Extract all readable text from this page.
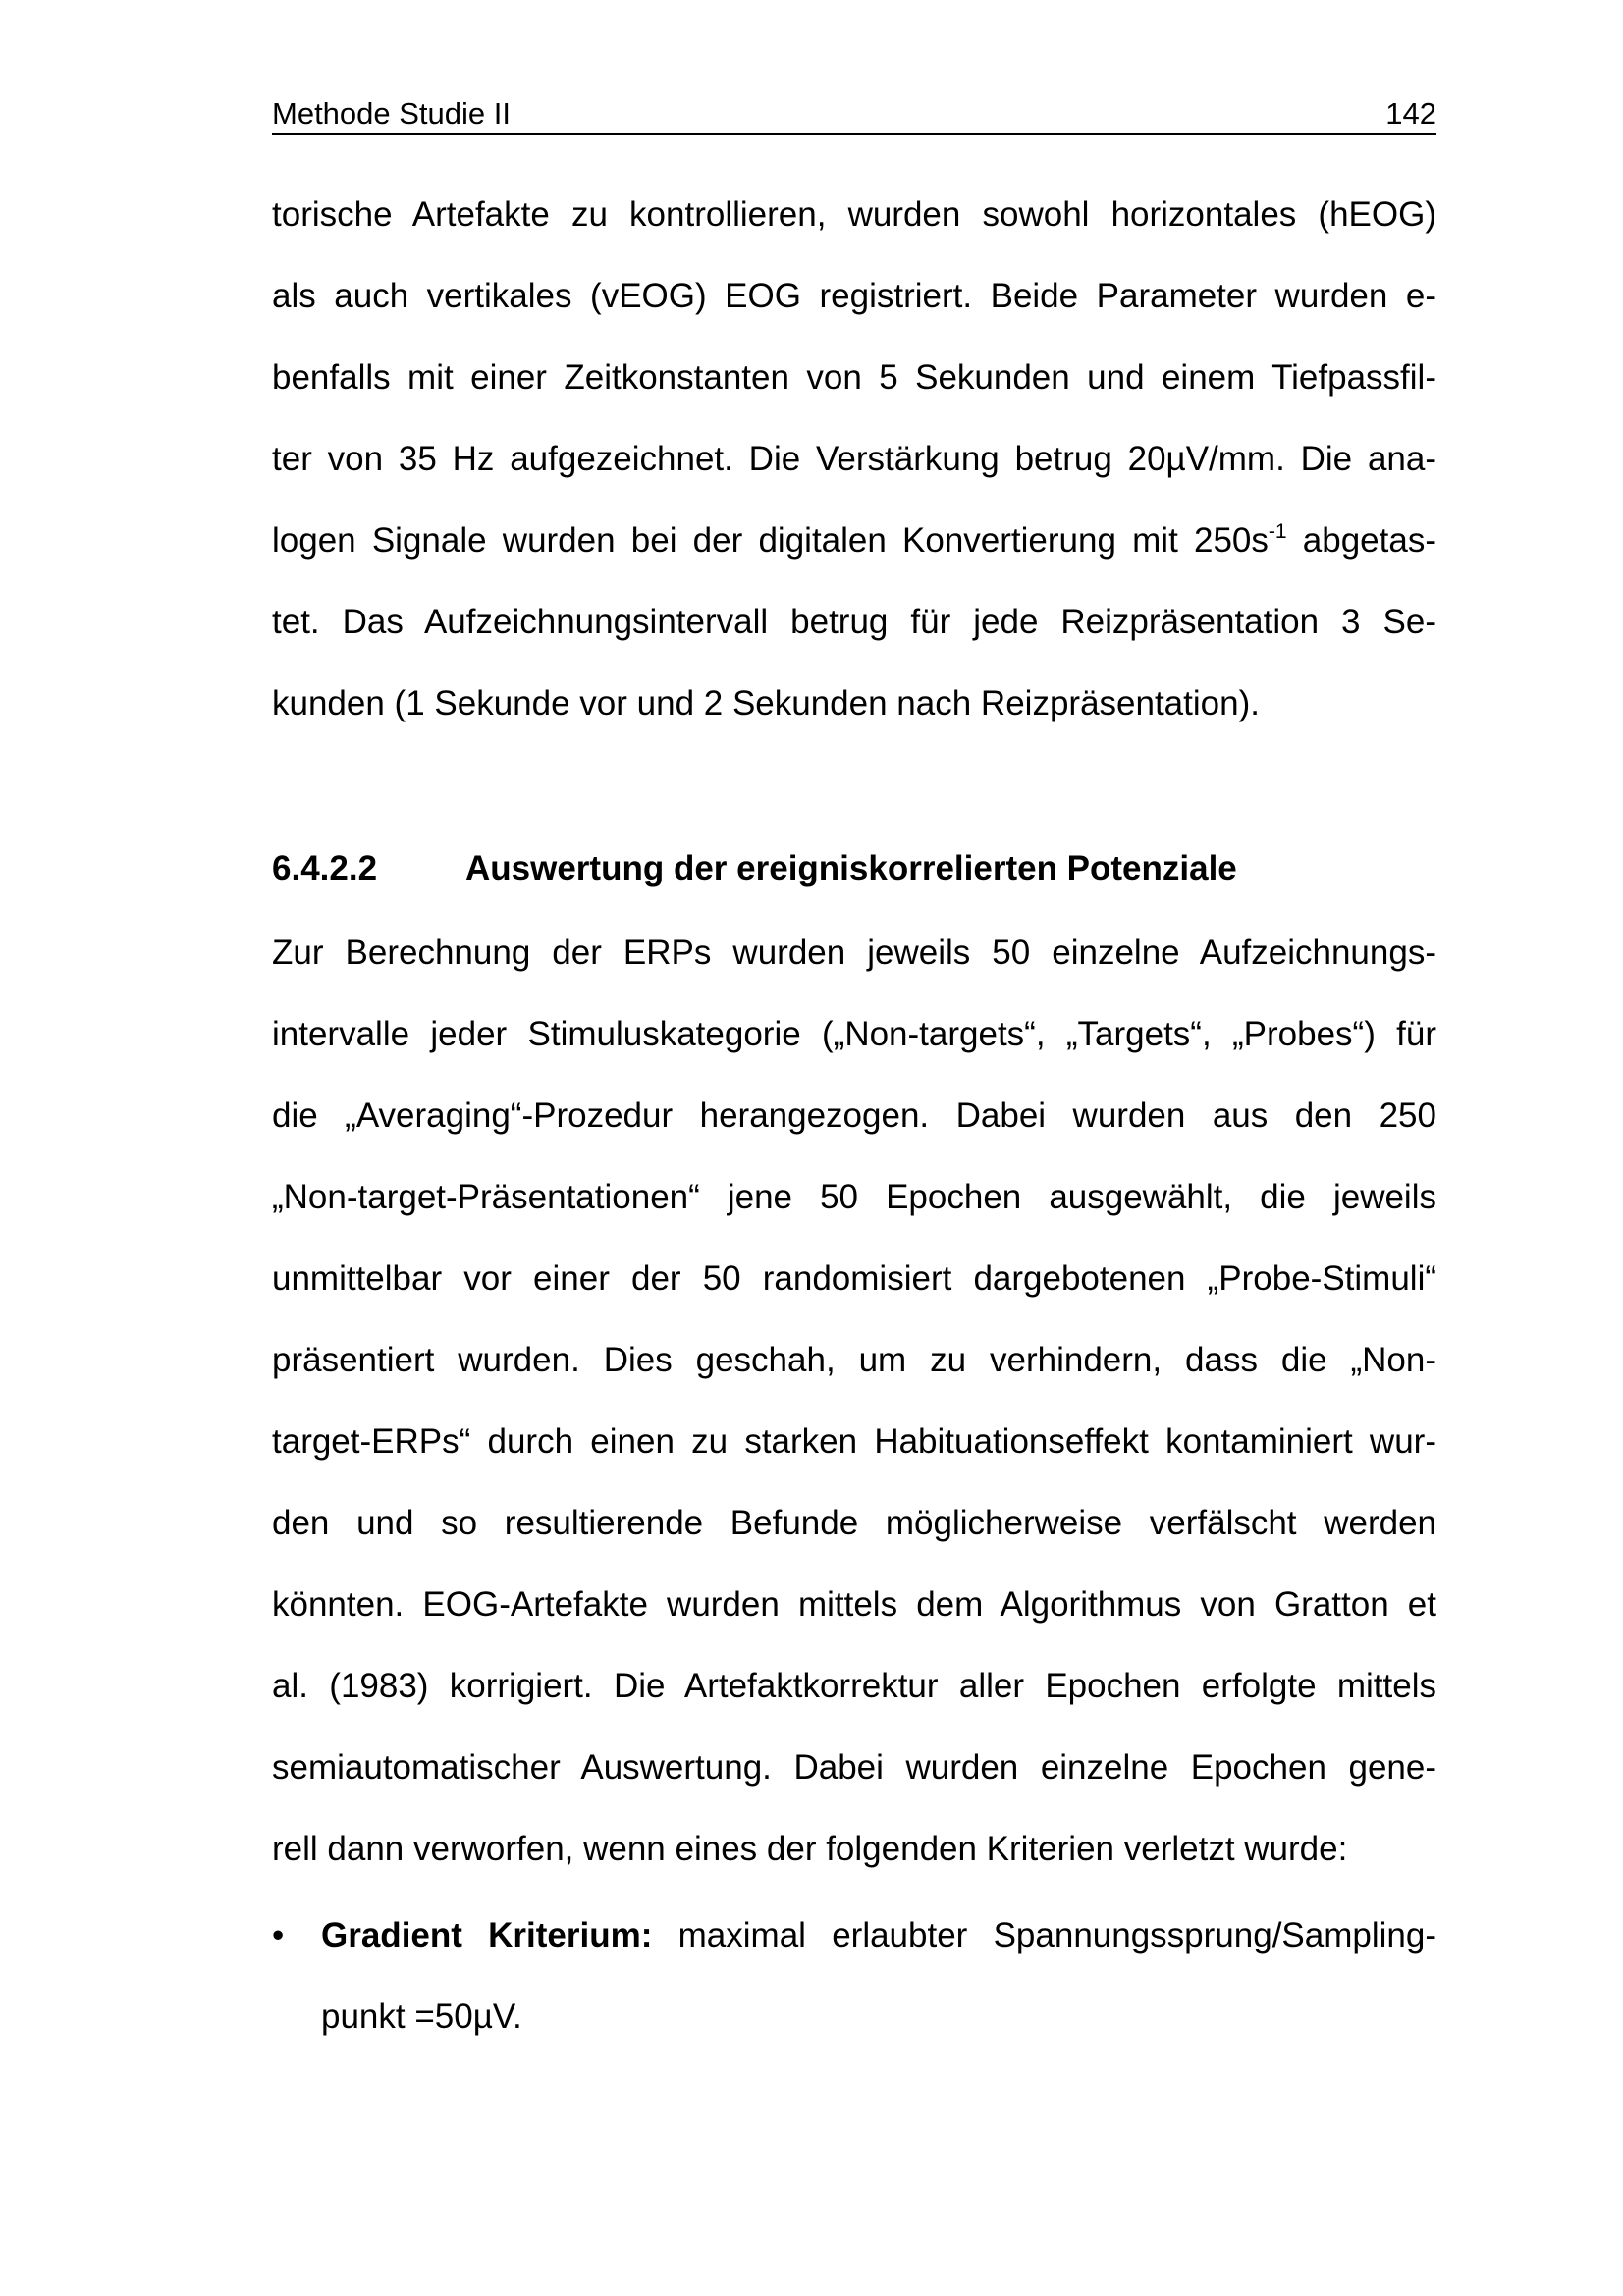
Methode Studie II	142
torische Artefakte zu kontrollieren, wurden sowohl horizontales (hEOG)
als auch vertikales (vEOG) EOG registriert. Beide Parameter wurden e-
benfalls mit einer Zeitkonstanten von 5 Sekunden und einem Tiefpassfil-
ter von 35 Hz aufgezeichnet. Die Verstärkung betrug 20µV/mm. Die ana-
logen Signale wurden bei der digitalen Konvertierung mit $250s^{-1}$ abgetas-
tet. Das Aufzeichnungsintervall betrug für jede Reizpräsentation 3 Se-
kunden (1 Sekunde vor und 2 Sekunden nach Reizpräsentation).
6.4.2.2	Auswertung der ereigniskorrelierten Potenziale
Zur Berechnung der ERPs wurden jeweils 50 einzelne Aufzeichnungs-
intervalle jeder Stimuluskategorie („Non-targets“, „Targets“, „Probes“) für
die „Averaging“-Prozedur herangezogen. Dabei wurden aus den 250
„Non-target-Präsentationen“ jene 50 Epochen ausgewählt, die jeweils
unmittelbar vor einer der 50 randomisiert dargebotenen „Probe-Stimuli“
präsentiert wurden. Dies geschah, um zu verhindern, dass die „Non-
target-ERPs“ durch einen zu starken Habituationseffekt kontaminiert wur-
den und so resultierende Befunde möglicherweise verfälscht werden
könnten. EOG-Artefakte wurden mittels dem Algorithmus von Gratton et
al. (1983) korrigiert. Die Artefaktkorrektur aller Epochen erfolgte mittels
semiautomatischer Auswertung. Dabei wurden einzelne Epochen gene-
rell dann verworfen, wenn eines der folgenden Kriterien verletzt wurde:
•	Gradient Kriterium: maximal erlaubter Spannungssprung/Sampling-
punkt =50µV.
